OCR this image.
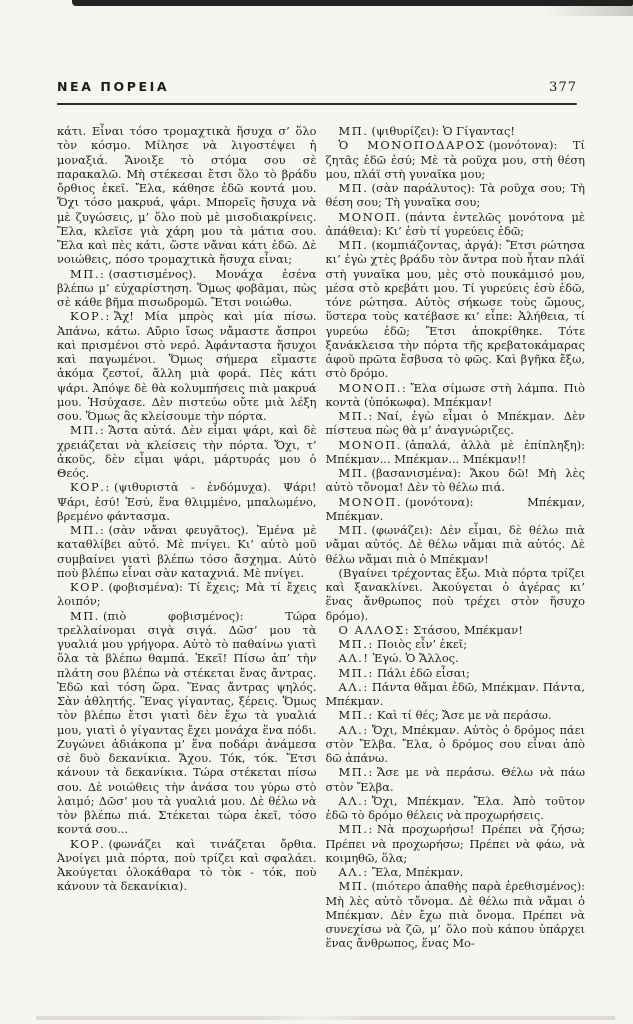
ΝΕΑ ΠΟΡΕΙΑ	377

κάτι. Εἶναι τόσο τρομαχτικὰ ἥσυχα σ’ ὅλο τὸν κόσμο. Μίλησε νὰ λιγοστέψει ἡ μοναξιά. Ἄνοιξε τὸ στόμα σου σὲ παρακαλῶ. Μὴ στέκεσαι ἔτσι ὅλο τὸ βράδυ ὄρθιος ἐκεῖ. Ἔλα, κάθησε ἐδῶ κοντά μου. Ὄχι τόσο μακρυά, ψάρι. Μπορεῖς ἥσυχα νὰ μὲ ζυγώσεις, μ’ ὅλο ποὺ μὲ μισοδιακρίνεις. Ἔλα, κλεῖσε γιὰ χάρη μου τὰ μάτια σου. Ἔλα καὶ πὲς κάτι, ὥστε νἄναι κάτι ἐδῶ. Δὲ νοιώθεις, πόσο τρομαχτικὰ ἥσυχα εἶναι;

ΜΠ.: (σαστισμένος). Μονάχα ἐσένα βλέπω μ’ εὐχαρίστηση. Ὅμως φοβᾶμαι, πὼς σὲ κάθε βῆμα πισωδρομῶ. Ἔτσι νοιώθω.

ΚΟΡ.: Ἄχ! Μία μπρὸς καὶ μία πίσω. Ἀπάνω, κάτω. Αὔριο ἴσως νἄμαστε ἄσπροι καὶ πρισμένοι στὸ νερό. Ἀφάνταστα ἥσυχοι καὶ παγωμένοι. Ὅμως σήμερα εἴμαστε ἀκόμα ζεστοί, ἄλλη μιὰ φορά. Πὲς κάτι ψάρι. Ἀπόψε δὲ θὰ κολυμπήσεις πιὰ μακρυά μου. Ἡσύχασε. Δὲν πιστεύω οὔτε μιὰ λέξη σου. Ὅμως ἂς κλείσουμε τὴν πόρτα.

ΜΠ.: Ἄστα αὐτά. Δὲν εἶμαι ψάρι, καὶ δὲ χρειάζεται νὰ κλείσεις τὴν πόρτα. Ὄχι, τ’ ἀκοῦς, δὲν εἶμαι ψάρι, μάρτυράς μου ὁ Θεός.

ΚΟΡ.: (ψιθυριστὰ - ἐνδόμυχα). Ψάρι! Ψάρι, ἐσύ! Ἐσύ, ἕνα θλιμμένο, μπαλωμένο, βρεμένο φάντασμα.

ΜΠ.: (σὰν νἄναι φευγᾶτος). Ἐμένα μὲ καταθλίβει αὐτό. Μὲ πνίγει. Κι’ αὐτὸ μοῦ συμβαίνει γιατὶ βλέπω τόσο ἄσχημα. Αὐτὸ ποὺ βλέπω εἶναι σὰν καταχνιά. Μὲ πνίγει.

ΚΟΡ. (φοβισμένα): Τί ἔχεις; Μὰ τί ἔχεις λοιπόν;

ΜΠ. (πιὸ φοβισμένος): Τώρα τρελλαίνομαι σιγὰ σιγά. Δῶσ’ μου τὰ γυαλιά μου γρήγορα. Αὐτὸ τὸ παθαίνω γιατὶ ὅλα τὰ βλέπω θαμπά. Ἐκεῖ! Πίσω ἀπ’ τὴν πλάτη σου βλέπω νὰ στέκεται ἕνας ἄντρας. Ἐδῶ καὶ τόση ὥρα. Ἕνας ἄντρας ψηλός. Σὰν ἀθλητής. Ἕνας γίγαντας, ξέρεις. Ὅμως τὸν βλέπω ἔτσι γιατὶ δὲν ἔχω τὰ γυαλιά μου, γιατὶ ὁ γίγαντας ἔχει μονάχα ἕνα πόδι. Ζυγώνει ἀδιάκοπα μ’ ἕνα ποδάρι ἀνάμεσα σὲ δυὸ δεκανίκια. Ἄχου. Τόκ, τόκ. Ἔτσι κάνουν τὰ δεκανίκια. Τώρα στέκεται πίσω σου. Δὲ νοιώθεις τὴν ἀνάσα του γύρω στὸ λαιμό; Δῶσ’ μου τὰ γυαλιά μου. Δὲ θέλω νὰ τὸν βλέπω πιά. Στέκεται τώρα ἐκεῖ, τόσο κοντά σου...

ΚΟΡ. (φωνάζει καὶ τινάζεται ὄρθια. Ἀνοίγει μιὰ πόρτα, ποὺ τρίζει καὶ σφαλάει. Ἀκούγεται ὁλοκάθαρα τὸ τὸκ - τόκ, ποὺ κάνουν τὰ δεκανίκια).

ΜΠ. (ψιθυρίζει): Ὁ Γίγαντας!

Ὁ ΜΟΝΟΠΟΔΑΡΟΣ (μονότονα): Τί ζητᾶς ἐδῶ ἐσύ; Μὲ τὰ ροῦχα μου, στὴ θέση μου, πλάϊ στὴ γυναῖκα μου;

ΜΠ. (σὰν παράλυτος): Τὰ ροῦχα σου; Τὴ θέση σου; Τὴ γυναῖκα σου;

ΜΟΝΟΠ. (πάντα ἐντελῶς μονότονα μὲ ἀπάθεια): Κι’ ἐσὺ τί γυρεύεις ἐδῶ;

ΜΠ. (κομπιάζοντας, ἀργά): Ἔτσι ρώτησα κι’ ἐγὼ χτὲς βράδυ τὸν ἄντρα ποὺ ἦταν πλάϊ στὴ γυναῖκα μου, μὲς στὸ πουκάμισό μου, μέσα στὸ κρεβάτι μου. Τί γυρεύεις ἐσὺ ἐδῶ, τόνε ρώτησα. Αὐτὸς σήκωσε τοὺς ὤμους, ὕστερα τοὺς κατέβασε κι’ εἶπε: Ἀλήθεια, τί γυρεύω ἐδῶ; Ἔτσι ἀποκρίθηκε. Τότε ξανάκλεισα τὴν πόρτα τῆς κρεβατοκάμαρας ἀφοῦ πρῶτα ἔσβυσα τὸ φῶς. Καὶ βγῆκα ἔξω, στὸ δρόμο.

ΜΟΝΟΠ.: Ἔλα σίμωσε στὴ λάμπα. Πιὸ κοντὰ (ὑπόκωφα). Μπέκμαν!

ΜΠ.: Ναί, ἐγὼ εἶμαι ὁ Μπέκμαν. Δὲν πίστευα πὼς θὰ μ’ ἀναγνώριζες.

ΜΟΝΟΠ. (ἁπαλά, ἀλλὰ μὲ ἐπίπληξη): Μπέκμαν... Μπέκμαν... Μπέκμαν!!

ΜΠ. (βασανισμένα): Ἄκου δῶ! Μὴ λὲς αὐτὸ τὄνομα! Δὲν τὸ θέλω πιά.

ΜΟΝΟΠ. (μονότονα): Μπέκμαν, Μπέκμαν.

ΜΠ. (φωνάζει): Δὲν εἶμαι, δὲ θέλω πιὰ νἄμαι αὐτός. Δὲ θέλω νἄμαι πιὰ αὐτός. Δὲ θέλω νἄμαι πιὰ ὁ Μπέκμαν!

(Βγαίνει τρέχοντας ἔξω. Μιὰ πόρτα τρίζει καὶ ξανακλίνει. Ἀκούγεται ὁ ἀγέρας κι’ ἕνας ἄνθρωπος ποὺ τρέχει στὸν ἥσυχο δρόμο).

Ο ΑΛΛΟΣ: Στάσου, Μπέκμαν!

ΜΠ.: Ποιὸς εἶν’ ἐκεῖ;

ΑΛ.! Ἐγώ. Ὁ Ἄλλος.

ΜΠ.: Πάλι ἐδῶ εἶσαι;

ΑΛ.: Πάντα θἄμαι ἐδῶ, Μπέκμαν. Πάντα, Μπέκμαν.

ΜΠ.: Καὶ τί θές; Ἄσε με νὰ περάσω.

ΑΛ.: Ὄχι, Μπέκμαν. Αὐτὸς ὁ δρόμος πάει στὸν Ἔλβα. Ἔλα, ὁ δρόμος σου εἶναι ἀπὸ δῶ ἀπάνω.

ΜΠ.: Ἄσε με νὰ περάσω. Θέλω νὰ πάω στὸν Ἔλβα.

ΑΛ.: Ὄχι, Μπέκμαν. Ἔλα. Ἀπὸ τοῦτον ἐδῶ τὸ δρόμο θέλεις νὰ προχωρήσεις.

ΜΠ.: Νὰ προχωρήσω! Πρέπει νὰ ζήσω; Πρέπει νὰ προχωρήσω; Πρέπει νὰ φάω, νὰ κοιμηθῶ, ὅλα;

ΑΛ.: Ἔλα, Μπέκμαν.

ΜΠ. (πιότερο ἀπαθὴς παρὰ ἐρεθισμένος): Μὴ λὲς αὐτὸ τὄνομα. Δὲ θέλω πιὰ νἄμαι ὁ Μπέκμαν. Δὲν ἔχω πιὰ ὄνομα. Πρέπει νὰ συνεχίσω νὰ ζῶ, μ’ ὅλο ποὺ κάπου ὑπάρχει ἕνας ἄνθρωπος, ἕνας Μο-
